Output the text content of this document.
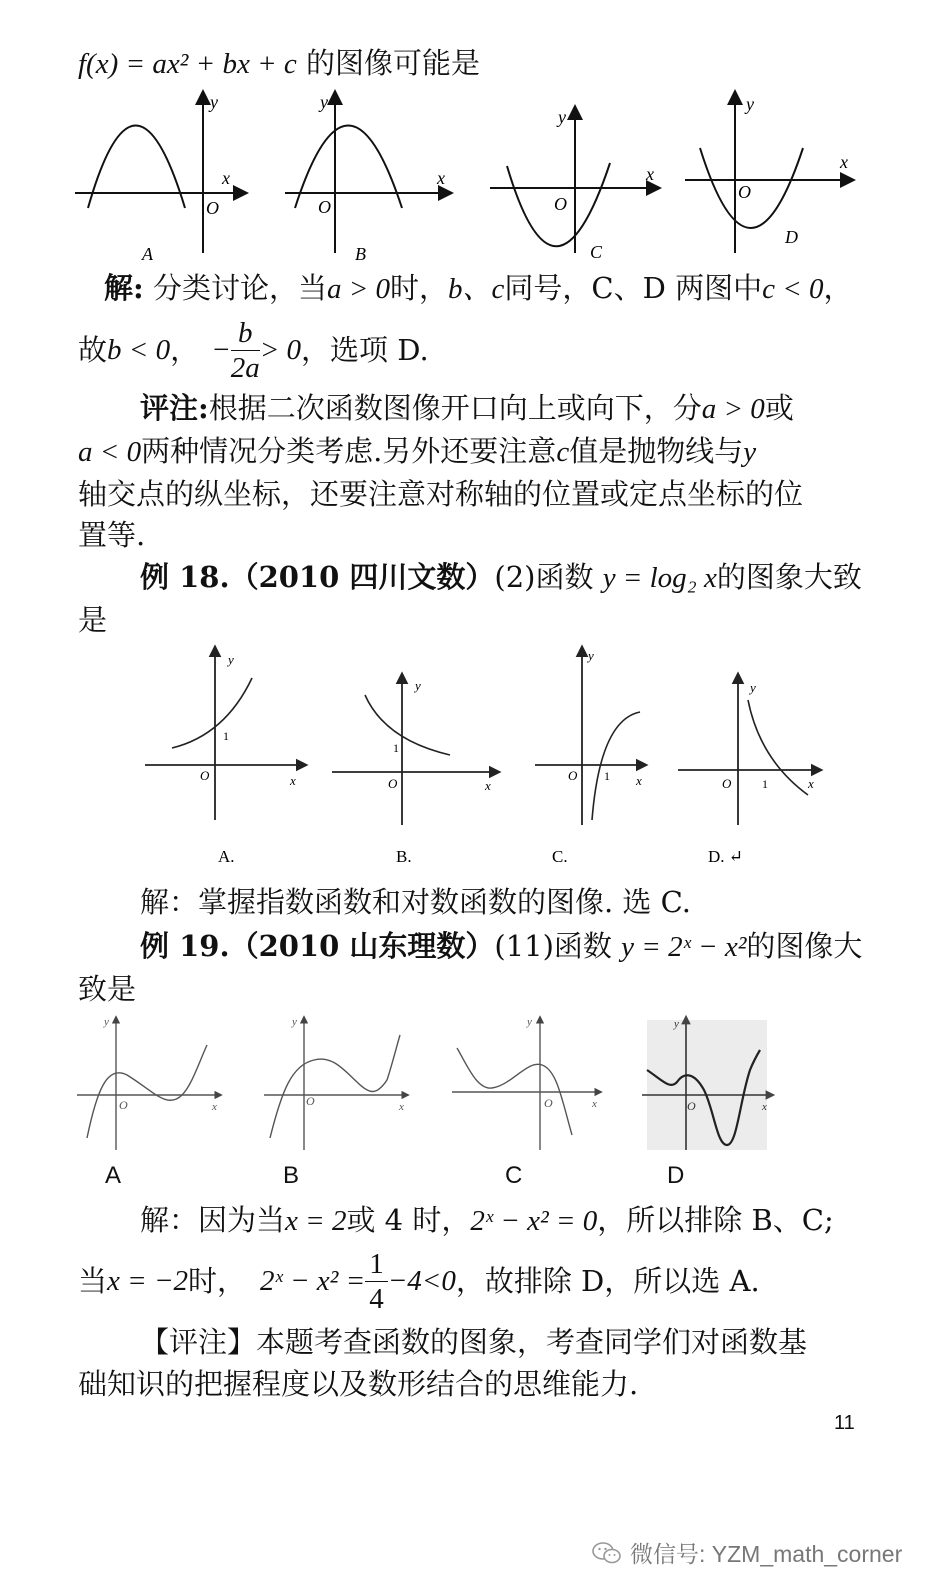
f(x) = ax² + bx + c 的图像可能是
y
x
O
A
y
x
O
B
y
x
O
C
y
x
O
D
解: 分类讨论，当a > 0时，b、c同号，C、D 两图中c < 0，
故 b < 0 ， − $\frac{b}{2a} > 0$ ，选项 D.
评注:根据二次函数图像开口向上或向下，分a > 0或
a < 0两种情况分类考虑.另外还要注意c值是抛物线与y
轴交点的纵坐标，还要注意对称轴的位置或定点坐标的位
置等.
例 18.（2010 四川文数）(2)函数 y = log₂ x的图象大致
是
y
x
O
1
y
x
O
1
y
x
O 1
y
x
O	1
A.	B.	C.	D. ↵
解：掌握指数函数和对数函数的图像. 选 C.
例 19.（2010 山东理数）(11)函数 y = 2ˣ − x²的图像大
致是
y
x
O
y
x
O
y
x
O
y
x
O
A	B	C	D
解：因为当x = 2或 4 时，2ˣ − x² = 0，所以排除 B、C;
当 x = −2 时， 2ˣ − $x^2 = \frac{1}{4} -4<0$ ，故排除 D，所以选 A.
【评注】本题考查函数的图象，考查同学们对函数基
础知识的把握程度以及数形结合的思维能力.
11
微信号: YZM_math_corner
